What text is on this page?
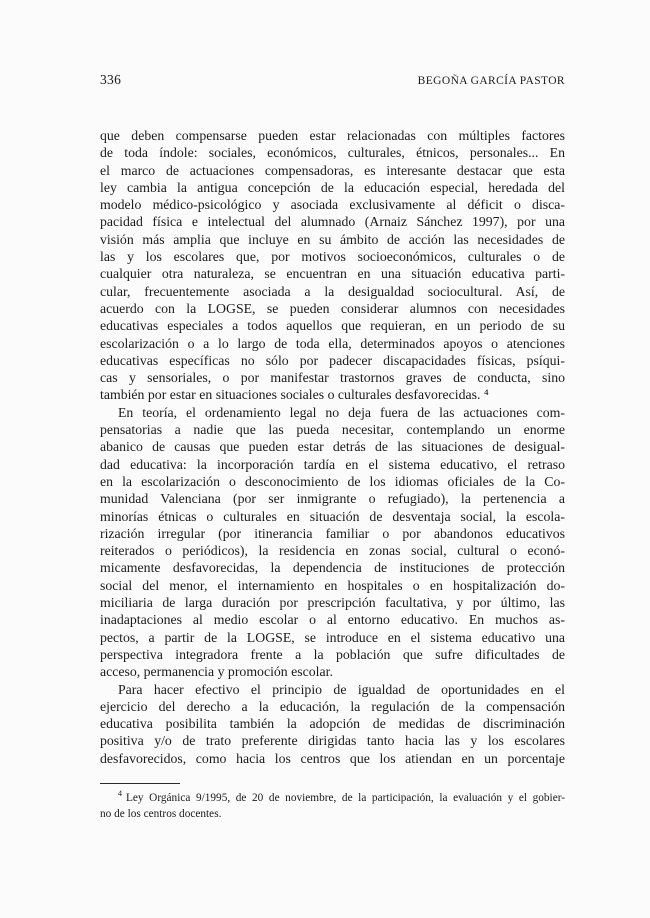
336	BEGOÑA GARCÍA PASTOR
que deben compensarse pueden estar relacionadas con múltiples factores
de toda índole: sociales, económicos, culturales, étnicos, personales... En
el marco de actuaciones compensadoras, es interesante destacar que esta
ley cambia la antigua concepción de la educación especial, heredada del
modelo médico-psicológico y asociada exclusivamente al déficit o disca-
pacidad física e intelectual del alumnado (Arnaiz Sánchez 1997), por una
visión más amplia que incluye en su ámbito de acción las necesidades de
las y los escolares que, por motivos socioeconómicos, culturales o de
cualquier otra naturaleza, se encuentran en una situación educativa parti-
cular, frecuentemente asociada a la desigualdad sociocultural. Así, de
acuerdo con la LOGSE, se pueden considerar alumnos con necesidades
educativas especiales a todos aquellos que requieran, en un periodo de su
escolarización o a lo largo de toda ella, determinados apoyos o atenciones
educativas específicas no sólo por padecer discapacidades físicas, psíqui-
cas y sensoriales, o por manifestar trastornos graves de conducta, sino
también por estar en situaciones sociales o culturales desfavorecidas. ⁴
En teoría, el ordenamiento legal no deja fuera de las actuaciones com-
pensatorias a nadie que las pueda necesitar, contemplando un enorme
abanico de causas que pueden estar detrás de las situaciones de desigual-
dad educativa: la incorporación tardía en el sistema educativo, el retraso
en la escolarización o desconocimiento de los idiomas oficiales de la Co-
munidad Valenciana (por ser inmigrante o refugiado), la pertenencia a
minorías étnicas o culturales en situación de desventaja social, la escola-
rización irregular (por itinerancia familiar o por abandonos educativos
reiterados o periódicos), la residencia en zonas social, cultural o econó-
micamente desfavorecidas, la dependencia de instituciones de protección
social del menor, el internamiento en hospitales o en hospitalización do-
miciliaria de larga duración por prescripción facultativa, y por último, las
inadaptaciones al medio escolar o al entorno educativo. En muchos as-
pectos, a partir de la LOGSE, se introduce en el sistema educativo una
perspectiva integradora frente a la población que sufre dificultades de
acceso, permanencia y promoción escolar.
Para hacer efectivo el principio de igualdad de oportunidades en el
ejercicio del derecho a la educación, la regulación de la compensación
educativa posibilita también la adopción de medidas de discriminación
positiva y/o de trato preferente dirigidas tanto hacia las y los escolares
desfavorecidos, como hacia los centros que los atiendan en un porcentaje
$^4$ Ley Orgánica 9/1995, de 20 de noviembre, de la participación, la evaluación y el gobier-
no de los centros docentes.
